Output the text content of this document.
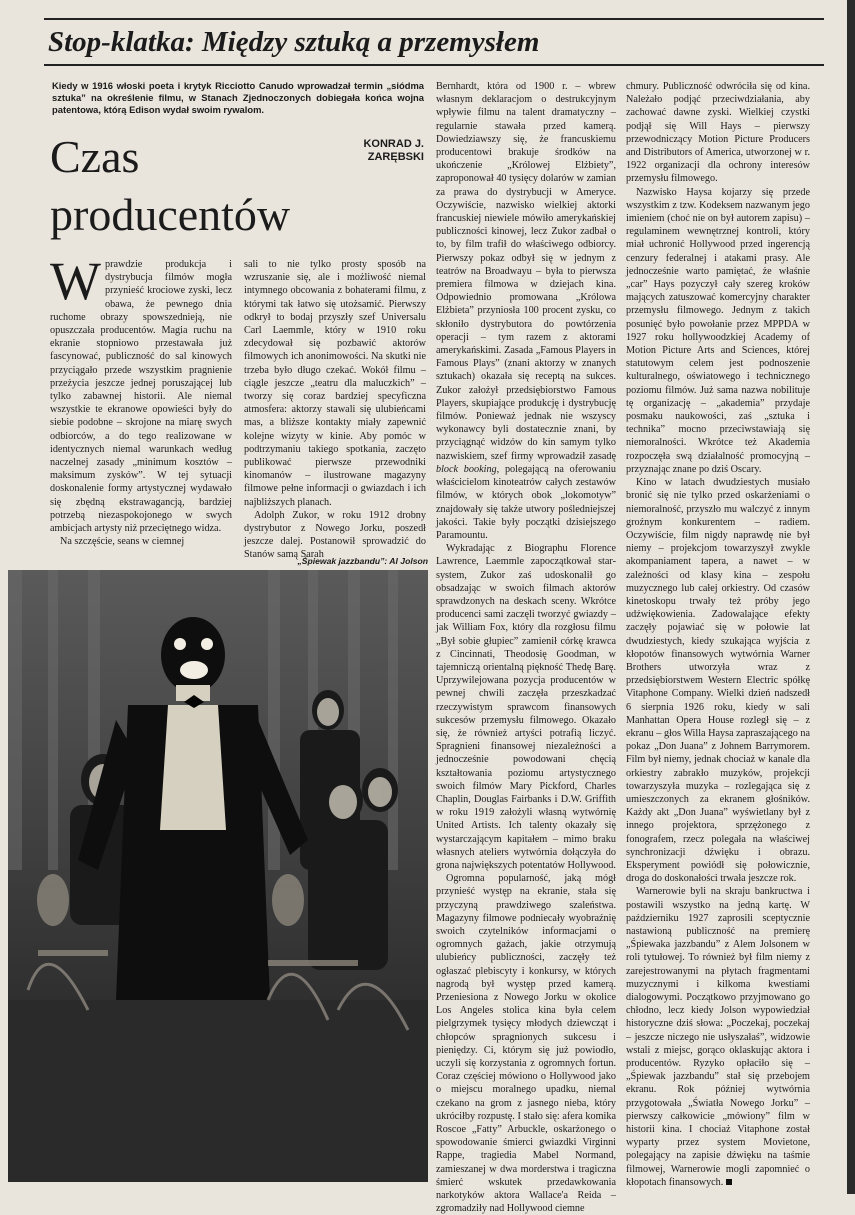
Stop-klatka: Między sztuką a przemysłem
Kiedy w 1916 włoski poeta i krytyk Ricciotto Canudo wprowadzał termin „siódma sztuka” na określenie filmu, w Stanach Zjednoczonych dobiegała końca wojna patentowa, którą Edison wydał swoim rywalom.
KONRAD J. ZARĘBSKI
Czas
producentów

Wprawdzie produkcja i dystrybucja filmów mogła przynieść krociowe zyski, lecz obawa, że pewnego dnia ruchome obrazy spowszednieją, nie opuszczała producentów. Magia ruchu na ekranie stopniowo przestawała już fascynować, publiczność do sal kinowych przyciągało przede wszystkim pragnienie przeżycia jeszcze jednej poruszającej lub tylko zabawnej historii. Ale niemal wszystkie te ekranowe opowieści były do siebie podobne – skrojone na miarę swych odbiorców, a do tego realizowane w identycznych niemal warunkach według naczelnej zasady „minimum kosztów – maksimum zysków”. W tej sytuacji doskonalenie formy artystycznej wydawało się zbędną ekstrawagancją, bardziej potrzebą niezaspokojonego w swych ambicjach artysty niż przeciętnego widza.

Na szczęście, seans w ciemnej

sali to nie tylko prosty sposób na wzruszanie się, ale i możliwość niemal intymnego obcowania z bohaterami filmu, z którymi tak łatwo się utożsamić. Pierwszy odkrył to bodaj przyszły szef Universalu Carl Laemmle, który w 1910 roku zdecydował się pozbawić aktorów filmowych ich anonimowości. Na skutki nie trzeba było długo czekać. Wokół filmu – ciągle jeszcze „teatru dla maluczkich” – tworzy się coraz bardziej specyficzna atmosfera: aktorzy stawali się ulubieńcami mas, a bliższe kontakty miały zapewnić kolejne wizyty w kinie. Aby pomóc w podtrzymaniu takiego spotkania, zaczęto publikować pierwsze przewodniki kinomanów – ilustrowane magazyny filmowe pełne informacji o gwiazdach i ich najbliższych planach.

Adolph Zukor, w roku 1912 drobny dystrybutor z Nowego Jorku, poszedł jeszcze dalej. Postanowił sprowadzić do Stanów samą Sarah

„Śpiewak jazzbandu”: Al Jolson

Bernhardt, która od 1900 r. – wbrew własnym deklaracjom o destrukcyjnym wpływie filmu na talent dramatyczny – regularnie stawała przed kamerą. Dowiedziawszy się, że francuskiemu producentowi brakuje środków na ukończenie „Królowej Elżbiety”, zaproponował 40 tysięcy dolarów w zamian za prawa do dystrybucji w Ameryce. Oczywiście, nazwisko wielkiej aktorki francuskiej niewiele mówiło amerykańskiej publiczności kinowej, lecz Zukor zadbał o to, by film trafił do właściwego odbiorcy. Pierwszy pokaz odbył się w jednym z teatrów na Broadwayu – była to pierwsza premiera filmowa w dziejach kina. Odpowiednio promowana „Królowa Elżbieta” przyniosła 100 procent zysku, co skłoniło dystrybutora do powtórzenia operacji – tym razem z aktorami amerykańskimi. Zasada „Famous Players in Famous Plays” (znani aktorzy w znanych sztukach) okazała się receptą na sukces. Zukor założył przedsiębiorstwo Famous Players, skupiające produkcję i dystrybucję filmów. Ponieważ jednak nie wszyscy wykonawcy byli dostatecznie znani, by przyciągnąć widzów do kin samym tylko nazwiskiem, szef firmy wprowadził zasadę block booking, polegającą na oferowaniu właścicielom kinoteatrów całych zestawów filmów, w których obok „lokomotyw” znajdowały się także utwory pośledniejszej jakości. Takie były początki dzisiejszego Paramountu.

Wykradając z Biographu Florence Lawrence, Laemmle zapoczątkował star-system, Zukor zaś udoskonalił go obsadzając w swoich filmach aktorów sprawdzonych na deskach sceny. Wkrótce producenci sami zaczęli tworzyć gwiazdy – jak William Fox, który dla rozgłosu filmu „Był sobie głupiec” zamienił córkę krawca z Cincinnati, Theodosię Goodman, w tajemniczą orientalną piękność Thedę Barę. Uprzywilejowana pozycja producentów w pewnej chwili zaczęła przeszkadzać rzeczywistym sprawcom finansowych sukcesów przemysłu filmowego. Okazało się, że również artyści potrafią liczyć. Spragnieni finansowej niezależności a jednocześnie powodowani chęcią kształtowania poziomu artystycznego swoich filmów Mary Pickford, Charles Chaplin, Douglas Fairbanks i D.W. Griffith w roku 1919 założyli własną wytwórnię United Artists. Ich talenty okazały się wystarczającym kapitałem – mimo braku własnych ateliers wytwórnia dołączyła do grona największych potentatów Hollywood.

Ogromna popularność, jaką mógł przynieść występ na ekranie, stała się przyczyną prawdziwego szaleństwa. Magazyny filmowe podniecały wyobraźnię swoich czytelników informacjami o ogromnych gażach, jakie otrzymują ulubieńcy publiczności, zaczęły też ogłaszać plebiscyty i konkursy, w których nagrodą był występ przed kamerą. Przeniesiona z Nowego Jorku w okolice Los Angeles stolica kina była celem pielgrzymek tysięcy młodych dziewcząt i chłopców spragnionych sukcesu i pieniędzy. Ci, którym się już powiodło, uczyli się korzystania z ogromnych fortun. Coraz częściej mówiono o Hollywood jako o miejscu moralnego upadku, niemal czekano na grom z jasnego nieba, który ukróciłby rozpustę. I stało się: afera komika Roscoe „Fatty” Arbuckle, oskarżonego o spowodowanie śmierci gwiazdki Virginni Rappe, tragiedia Mabel Normand, zamieszanej w dwa morderstwa i tragiczna śmierć wskutek przedawkowania narkotyków aktora Wallace'a Reida – zgromadziły nad Hollywood ciemne

chmury. Publiczność odwróciła się od kina. Należało podjąć przeciwdziałania, aby zachować dawne zyski. Wielkiej czystki podjął się Will Hays – pierwszy przewodniczący Motion Picture Producers and Distributors of America, utworzonej w r. 1922 organizacji dla ochrony interesów przemysłu filmowego.

Nazwisko Haysa kojarzy się przede wszystkim z tzw. Kodeksem nazwanym jego imieniem (choć nie on był autorem zapisu) – regulaminem wewnętrznej kontroli, który miał uchronić Hollywood przed ingerencją cenzury federalnej i atakami prasy. Ale jednocześnie warto pamiętać, że właśnie „car” Hays pozyczył cały szereg kroków mających zatuszować komercyjny charakter przemysłu filmowego. Jednym z takich posunięć było powołanie przez MPPDA w 1927 roku hollywoodzkiej Academy of Motion Picture Arts and Sciences, której statutowym celem jest podnoszenie kulturalnego, oświatowego i technicznego poziomu filmów. Już sama nazwa nobilituje tę organizację – „akademia” przydaje posmaku naukowości, zaś „sztuka i technika” mocno przeciwstawiają się niemoralności. Wkrótce też Akademia rozpoczęła swą działalność promocyjną – przyznając znane po dziś Oscary.

Kino w latach dwudziestych musiało bronić się nie tylko przed oskarżeniami o niemoralność, przyszło mu walczyć z innym groźnym konkurentem – radiem. Oczywiście, film nigdy naprawdę nie był niemy – projekcjom towarzyszył zwykle akompaniament tapera, a nawet – w zależności od klasy kina – zespołu muzycznego lub całej orkiestry. Od czasów kinetoskopu trwały też próby jego udźwiękowienia. Zadowalające efekty zaczęły pojawiać się w połowie lat dwudziestych, kiedy szukająca wyjścia z kłopotów finansowych wytwórnia Warner Brothers utworzyła wraz z przedsiębiorstwem Western Electric spółkę Vitaphone Company. Wielki dzień nadszedł 6 sierpnia 1926 roku, kiedy w sali Manhattan Opera House rozległ się – z ekranu – głos Willa Haysa zapraszającego na pokaz „Don Juana” z Johnem Barrymorem. Film był niemy, jednak chociaż w kanale dla orkiestry zabrakło muzyków, projekcji towarzyszyła muzyka – rozlegająca się z umieszczonych za ekranem głośników. Każdy akt „Don Juana” wyświetlany był z innego projektora, sprzężonego z fonografem, rzecz polegała na właściwej synchronizacji dźwięku i obrazu. Eksperyment powiódł się połowicznie, droga do doskonałości trwała jeszcze rok.

Warnerowie byli na skraju bankructwa i postawili wszystko na jedną kartę. W październiku 1927 zaprosili sceptycznie nastawioną publiczność na premierę „Śpiewaka jazzbandu” z Alem Jolsonem w roli tytułowej. To również był film niemy z zarejestrowanymi na płytach fragmentami muzycznymi i kilkoma kwestiami dialogowymi. Początkowo przyjmowano go chłodno, lecz kiedy Jolson wypowiedział historyczne dziś słowa: „Poczekaj, poczekaj – jeszcze niczego nie usłyszałaś”, widzowie wstali z miejsc, gorąco oklaskując aktora i producentów. Ryzyko opłaciło się – „Śpiewak jazzbandu” stał się przebojem ekranu. Rok później wytwórnia przygotowała „Światła Nowego Jorku” – pierwszy całkowicie „mówiony” film w historii kina. I chociaż Vitaphone został wyparty przez system Movietone, polegający na zapisie dźwięku na taśmie filmowej, Warnerowie mogli zapomnieć o kłopotach finansowych.
